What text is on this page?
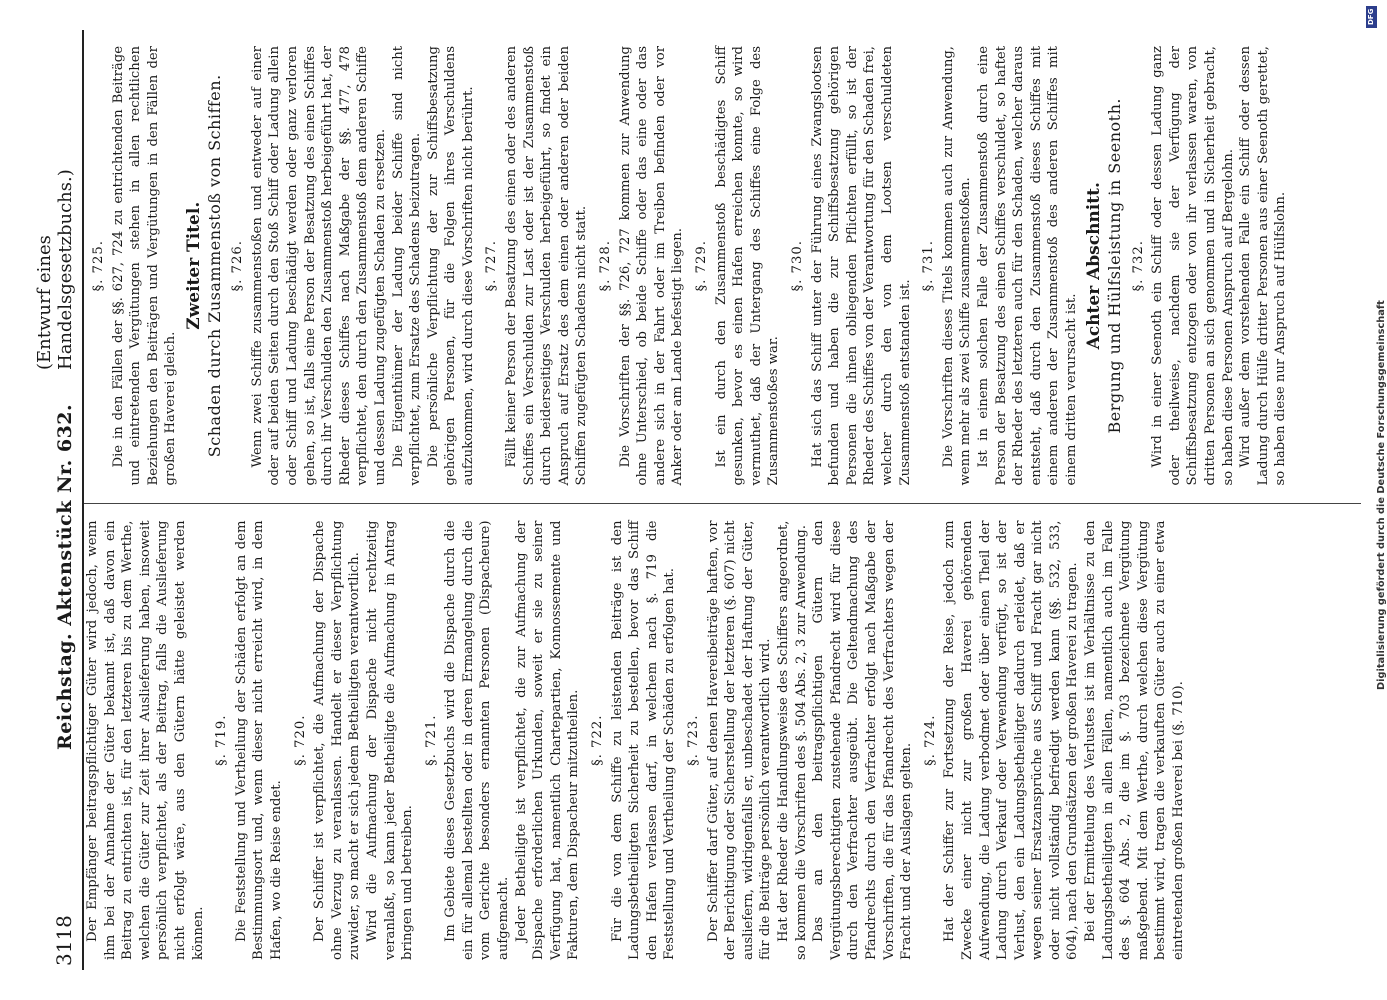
3118
Reichstag. Aktenstück Nr. 632.
(Entwurf eines Handelsgesetzbuchs.)

Der Empfänger beitragspflichtiger Güter wird jedoch, wenn ihm bei der Annahme der Güter bekannt ist, daß davon ein Beitrag zu entrichten ist, für den letzteren bis zu dem Werthe, welchen die Güter zur Zeit ihrer Auslieferung haben, insoweit persönlich verpflichtet, als der Beitrag, falls die Auslieferung nicht erfolgt wäre, aus den Gütern hätte geleistet werden können.

§. 719. Die Feststellung und Vertheilung der Schäden erfolgt an dem Bestimmungsort und, wenn dieser nicht erreicht wird, in dem Hafen, wo die Reise endet.

§. 720. Der Schiffer ist verpflichtet, die Aufmachung der Dispache ohne Verzug zu veranlassen. Handelt er dieser Verpflichtung zuwider, so macht er sich jedem Betheiligten verantwortlich. Wird die Aufmachung der Dispache nicht rechtzeitig veranlaßt, so kann jeder Betheiligte die Aufmachung in Antrag bringen und betreiben.

§. 721. Im Gebiete dieses Gesetzbuchs wird die Dispache durch die ein für allemal bestellten oder in deren Ermangelung durch die vom Gerichte besonders ernannten Personen (Dispacheure) aufgemacht. Jeder Betheiligte ist verpflichtet, die zur Aufmachung der Dispache erforderlichen Urkunden, soweit er sie zu seiner Verfügung hat, namentlich Chartepartien, Konnossemente und Fakturen, dem Dispacheur mitzutheilen. §. 722. Für die von dem Schiffe zu leistenden Beiträge ist den Ladungsbetheiligten Sicherheit zu bestellen, bevor das Schiff den Hafen verlassen darf, in welchem nach §. 719 die Feststellung und Vertheilung der Schäden zu erfolgen hat. §. 723. Der Schiffer darf Güter, auf denen Havereibeiträge haften, vor der Berichtigung oder Sicherstellung der letzteren (§. 607) nicht ausliefern, widrigenfalls er, unbeschadet der Haftung der Güter, für die Beiträge persönlich verantwortlich wird. Hat der Rheder die Handlungsweise des Schiffers angeordnet, so kommen die Vorschriften des §. 504 Abs. 2, 3 zur Anwendung. Das an den beitragspflichtigen Gütern den Vergütungsberechtigten zustehende Pfandrecht wird für diese durch den Verfrachter ausgeübt. Die Geltendmachung des Pfandrechts durch den Verfrachter erfolgt nach Maßgabe der Vorschriften, die für das Pfandrecht des Verfrachters wegen der Fracht und der Auslagen gelten.

§. 724. Hat der Schiffer zur Fortsetzung der Reise, jedoch zum Zwecke einer nicht zur großen Haverei gehörenden Aufwendung, die Ladung verbodmet oder über einen Theil der Ladung durch Verkauf oder Verwendung verfügt, so ist der Verlust, den ein Ladungsbetheiligter dadurch erleidet, daß er wegen seiner Ersatzansprüche aus Schiff und Fracht gar nicht oder nicht vollständig befriedigt werden kann (§§. 532, 533, 604), nach den Grundsätzen der großen Haverei zu tragen. Bei der Ermittelung des Verlustes ist im Verhältnisse zu den Ladungsbetheiligten in allen Fällen, namentlich auch im Falle des §. 604 Abs. 2, die im §. 703 bezeichnete Vergütung maßgebend. Mit dem Werthe, durch welchen diese Vergütung bestimmt wird, tragen die verkauften Güter auch zu einer etwa eintretenden großen Haverei bei (§. 710).

§. 725. Die in den Fällen der §§. 627, 724 zu entrichtenden Beiträge und eintretenden Vergütungen stehen in allen rechtlichen Beziehungen den Beiträgen und Vergütungen in den Fällen der großen Haverei gleich.

Zweiter Titel. Schaden durch Zusammenstoß von Schiffen. §. 726. Wenn zwei Schiffe zusammenstoßen und entweder auf einer oder auf beiden Seiten durch den Stoß Schiff oder Ladung allein oder Schiff und Ladung beschädigt werden oder ganz verloren gehen, so ist, falls eine Person der Besatzung des einen Schiffes durch ihr Verschulden den Zusammenstoß herbeigeführt hat, der Rheder dieses Schiffes nach Maßgabe der §§. 477, 478 verpflichtet, den durch den Zusammenstoß dem anderen Schiffe und dessen Ladung zugefügten Schaden zu ersetzen. Die Eigenthümer der Ladung beider Schiffe sind nicht verpflichtet, zum Ersatze des Schadens beizutragen. Die persönliche Verpflichtung der zur Schiffsbesatzung gehörigen Personen, für die Folgen ihres Verschuldens aufzukommen, wird durch diese Vorschriften nicht berührt. §. 727. Fällt keiner Person der Besatzung des einen oder des anderen Schiffes ein Verschulden zur Last oder ist der Zusammenstoß durch beiderseitiges Verschulden herbeigeführt, so findet ein Anspruch auf Ersatz des dem einen oder anderen oder beiden Schiffen zugefügten Schadens nicht statt. §. 728. Die Vorschriften der §§. 726, 727 kommen zur Anwendung ohne Unterschied, ob beide Schiffe oder das eine oder das andere sich in der Fahrt oder im Treiben befinden oder vor Anker oder am Lande befestigt liegen. §. 729. Ist ein durch den Zusammenstoß beschädigtes Schiff gesunken, bevor es einen Hafen erreichen konnte, so wird vermuthet, daß der Untergang des Schiffes eine Folge des Zusammenstoßes war.

§. 730. Hat sich das Schiff unter der Führung eines Zwangslootsen befunden und haben die zur Schiffsbesatzung gehörigen Personen die ihnen obliegenden Pflichten erfüllt, so ist der Rheder des Schiffes von der Verantwortung für den Schaden frei, welcher durch den von dem Lootsen verschuldeten Zusammenstoß entstanden ist.

§. 731. Die Vorschriften dieses Titels kommen auch zur Anwendung, wenn mehr als zwei Schiffe zusammenstoßen. Ist in einem solchen Falle der Zusammenstoß durch eine Person der Besatzung des einen Schiffes verschuldet, so haftet der Rheder des letzteren auch für den Schaden, welcher daraus entsteht, daß durch den Zusammenstoß dieses Schiffes mit einem anderen der Zusammenstoß des anderen Schiffes mit einem dritten verursacht ist.

Achter Abschnitt. Bergung und Hülfsleistung in Seenoth. §. 732. Wird in einer Seenoth ein Schiff oder dessen Ladung ganz oder theilweise, nachdem sie der Verfügung der Schiffsbesatzung entzogen oder von ihr verlassen waren, von dritten Personen an sich genommen und in Sicherheit gebracht, so haben diese Personen Anspruch auf Bergelohn. Wird außer dem vorstehenden Falle ein Schiff oder dessen Ladung durch Hülfe dritter Personen aus einer Seenoth gerettet, so haben diese nur Anspruch auf Hülfslohn.	Digitalisierung gefördert durch die Deutsche Forschungsgemeinschaft
DFG
